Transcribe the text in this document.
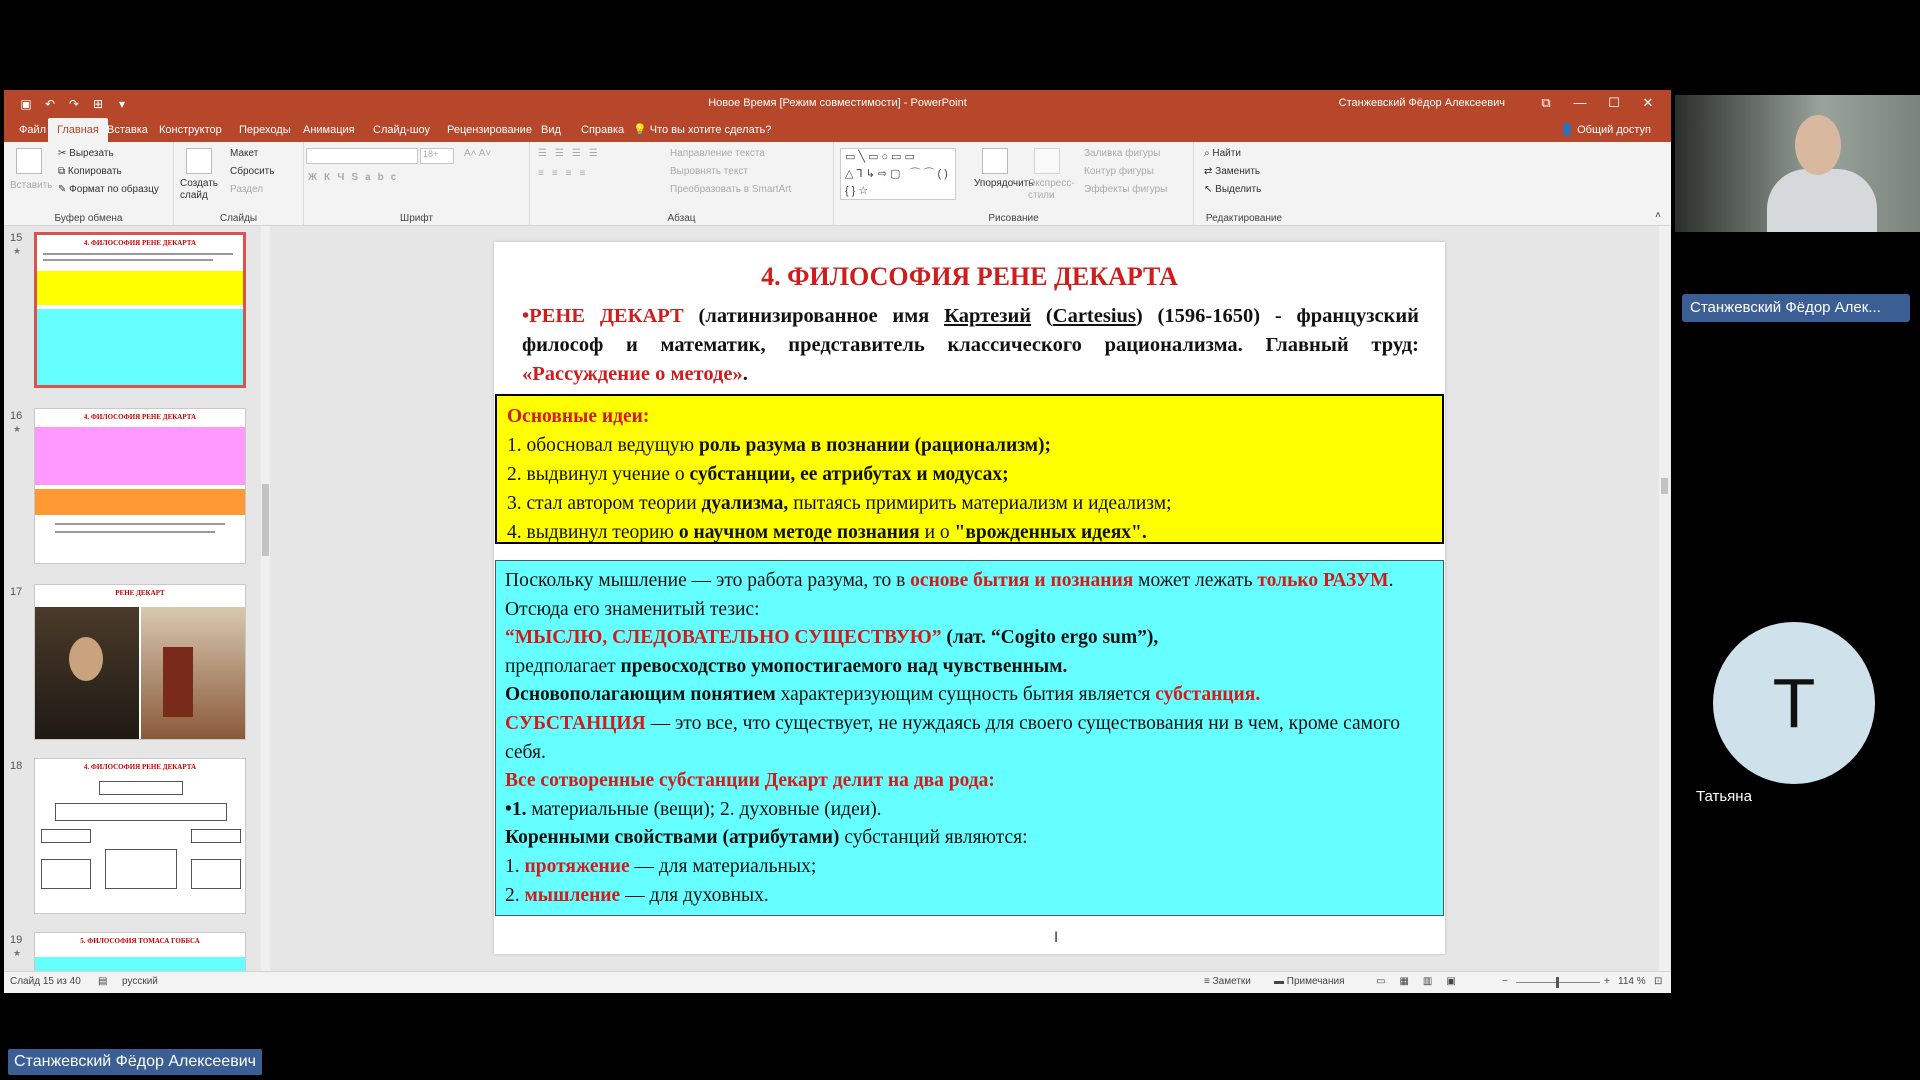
▣ ↶ ↷ ⊞	▾	Новое Время [Режим совместимости] - PowerPoint	Станжевский Фёдор Алексеевич	⧉	—	☐	✕
Файл Главная Вставка	Конструктор	Переходы	Анимация	Слайд-шоу	Рецензирование Вид	Справка 💡 Что вы хотите сделать?	👤 Общий доступ
Вставить
✂ Вырезать
⧉ Копировать
✎ Формат по образцу
Буфер обмена
Создать слайд
Макет
Сбросить
Раздел
Слайды
18+	A˄ A˅
ЖКЧSabc
Шрифт
☰☰☰☰
≡≡≡≡
Направление текста
Выровнять текст
Преобразовать в SmartArt
Абзац
▭╲▭○▭▭ △⅂↳⇨▢ ⌒⌒(){}☆
Упорядочить
Экспресс-стили
Заливка фигуры
Контур фигуры
Эффекты фигуры
Рисование
⌕ Найти
⇄ Заменить
↖ Выделить
Редактирование	˄
15
★
4. ФИЛОСОФИЯ РЕНЕ ДЕКАРТА
16
★
4. ФИЛОСОФИЯ РЕНЕ ДЕКАРТА
17	РЕНЕ ДЕКАРТ
18	4. ФИЛОСОФИЯ РЕНЕ ДЕКАРТА
19
★
5. ФИЛОСОФИЯ ТОМАСА ГОББСА
4. ФИЛОСОФИЯ РЕНЕ ДЕКАРТА
•РЕНЕ ДЕКАРТ (латинизированное имя Картезий (Cartesius) (1596-1650) - французский философ и математик, представитель классического рационализма. Главный труд: «Рассуждение о методе».
Основные идеи:
1. обосновал ведущую роль разума в познании (рационализм);
2. выдвинул учение о субстанции, ее атрибутах и модусах;
3. стал автором теории дуализма, пытаясь примирить материализм и идеализм;
4. выдвинул теорию о научном методе познания и о "врожденных идеях".
Поскольку мышление — это работа разума, то в основе бытия и познания может лежать только РАЗУМ. Отсюда его знаменитый тезис:
“МЫСЛЮ, СЛЕДОВАТЕЛЬНО СУЩЕСТВУЮ” (лат. “Cogito ergo sum”),
предполагает превосходство умопостигаемого над чувственным.
Основополагающим понятием характеризующим сущность бытия является субстанция.
СУБСТАНЦИЯ — это все, что существует, не нуждаясь для своего существования ни в чем, кроме самого себя.
Все сотворенные субстанции Декарт делит на два рода:
•1. материальные (вещи); 2. духовные (идеи).
Коренными свойствами (атрибутами) субстанций являются:
1. протяжение — для материальных;
2. мышление — для духовных.
I
Слайд 15 из 40 ▤ русский	≡ Заметки ▬ Примечания	▭▦▥▣	−	+ 114 % ⊡
Станжевский Фёдор Алек...
Т
Татьяна
Станжевский Фёдор Алексеевич
